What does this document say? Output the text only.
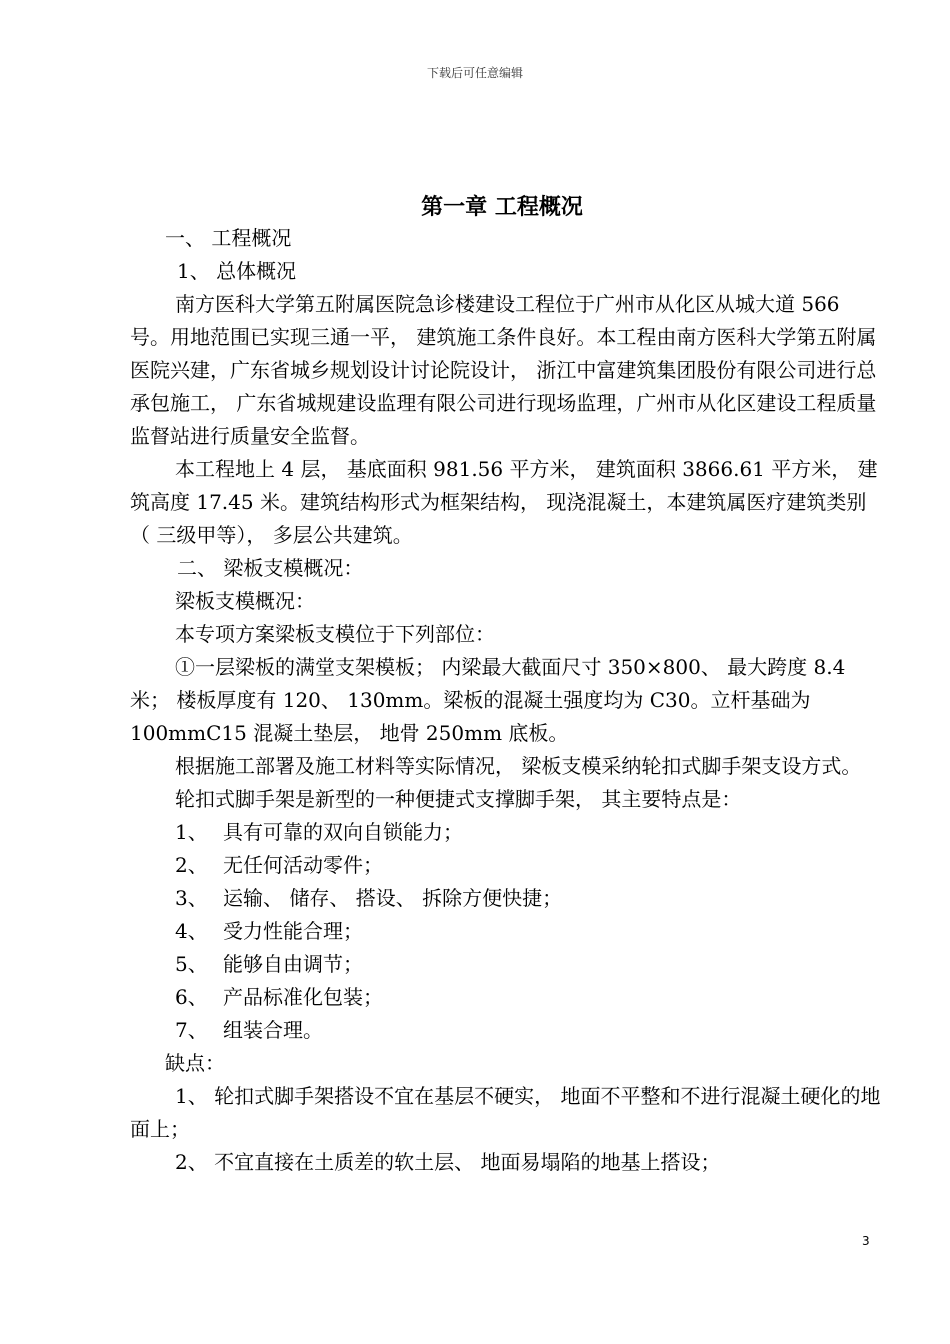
下载后可任意编辑
第一章 工程概况

一、 工程概况

1、 总体概况

南方医科大学第五附属医院急诊楼建设工程位于广州市从化区从城大道 566 号。用地范围已实现三通一平， 建筑施工条件良好。本工程由南方医科大学第五附属医院兴建，广东省城乡规划设计讨论院设计， 浙江中富建筑集团股份有限公司进行总承包施工， 广东省城规建设监理有限公司进行现场监理，广州市从化区建设工程质量监督站进行质量安全监督。

本工程地上 4 层， 基底面积 981.56 平方米， 建筑面积 3866.61 平方米， 建筑高度 17.45 米。建筑结构形式为框架结构， 现浇混凝土，本建筑属医疗建筑类别（ 三级甲等）， 多层公共建筑。

二、 梁板支模概况：

梁板支模概况：

本专项方案梁板支模位于下列部位：

①一层梁板的满堂支架模板； 内梁最大截面尺寸 350×800、 最大跨度 8.4 米； 楼板厚度有 120、 130mm。梁板的混凝土强度均为 C30。立杆基础为 100mmC15 混凝土垫层， 地骨 250mm 底板。

根据施工部署及施工材料等实际情况， 梁板支模采纳轮扣式脚手架支设方式。

轮扣式脚手架是新型的一种便捷式支撑脚手架， 其主要特点是：

1、 具有可靠的双向自锁能力；

2、 无任何活动零件；

3、 运输、 储存、 搭设、 拆除方便快捷；

4、 受力性能合理；

5、 能够自由调节；

6、 产品标准化包装；

7、 组装合理。

缺点：

1、 轮扣式脚手架搭设不宜在基层不硬实， 地面不平整和不进行混凝土硬化的地面上；

2、 不宜直接在土质差的软土层、 地面易塌陷的地基上搭设；

3
